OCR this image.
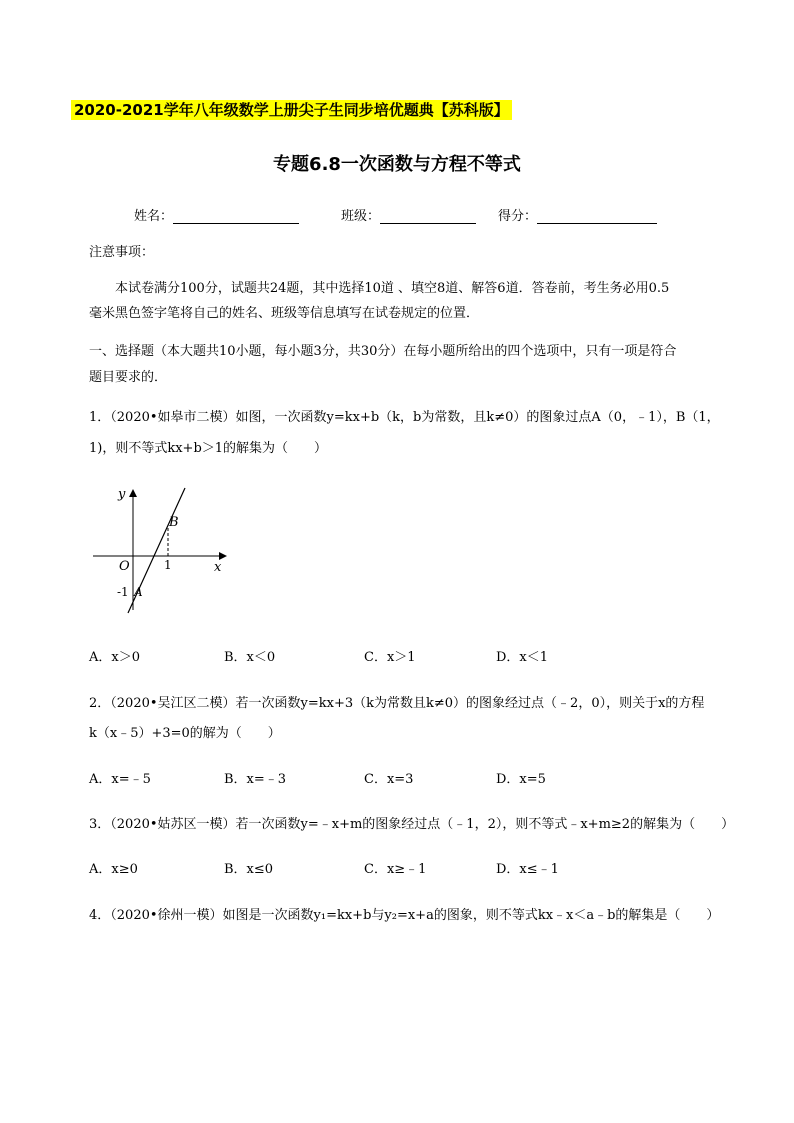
2020-2021学年八年级数学上册尖子生同步培优题典【苏科版】
专题6.8一次函数与方程不等式
姓名：	班级：	得分：
注意事项：
本试卷满分100分，试题共24题，其中选择10道 、填空8道、解答6道．答卷前，考生务必用0.5
毫米黑色签字笔将自己的姓名、班级等信息填写在试卷规定的位置．
一、选择题（本大题共10小题，每小题3分，共30分）在每小题所给出的四个选项中，只有一项是符合
题目要求的．
1．（2020•如皋市二模）如图，一次函数y=kx+b（k，b为常数，且k≠0）的图象过点A（0，﹣1），B（1，
1)，则不等式kx+b＞1的解集为（　　）
y
x
O	1
B
-1 A
A．x＞0	B．x＜0	C．x＞1	D．x＜1
2．（2020•吴江区二模）若一次函数y=kx+3（k为常数且k≠0）的图象经过点（﹣2，0），则关于x的方程
k（x﹣5）+3=0的解为（　　）
A．x=﹣5	B．x=﹣3	C．x=3	D．x=5
3．（2020•姑苏区一模）若一次函数y=﹣x+m的图象经过点（﹣1，2），则不等式﹣x+m≥2的解集为（　　）
A．x≥0	B．x≤0	C．x≥﹣1	D．x≤﹣1
4．（2020•徐州一模）如图是一次函数y₁=kx+b与y₂=x+a的图象，则不等式kx﹣x＜a﹣b的解集是（　　）
